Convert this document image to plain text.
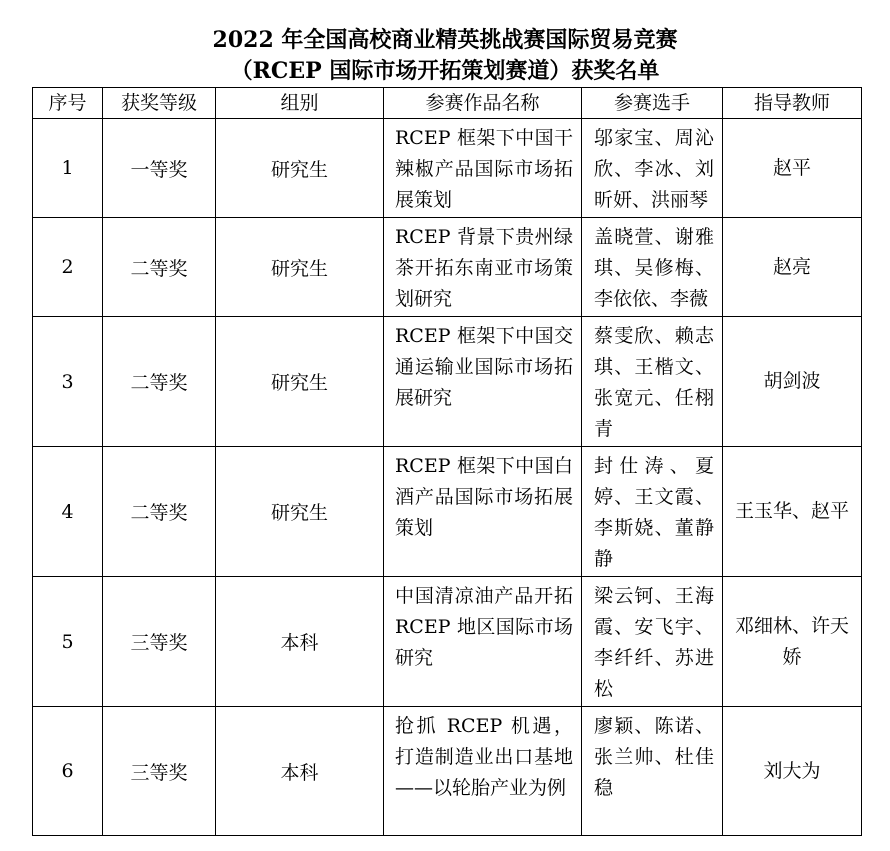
2022 年全国高校商业精英挑战赛国际贸易竞赛
（RCEP 国际市场开拓策划赛道）获奖名单
序号	获奖等级	组别	参赛作品名称	参赛选手	指导教师
1	一等奖	研究生	RCEP 框架下中国干辣椒产品国际市场拓展策划	邬家宝、周沁欣、李冰、刘昕妍、洪丽琴	赵平
2	二等奖	研究生	RCEP 背景下贵州绿茶开拓东南亚市场策划研究	盖晓萱、谢雅琪、吴修梅、李依依、李薇	赵亮
3	二等奖	研究生	RCEP 框架下中国交通运输业国际市场拓展研究	蔡雯欣、赖志琪、王楷文、张宽元、任栩青	胡剑波
4	二等奖	研究生	RCEP 框架下中国白酒产品国际市场拓展策划	封仕涛、夏婷、王文霞、李斯娆、董静静	王玉华、赵平
5	三等奖	本科	中国清凉油产品开拓 RCEP 地区国际市场研究	梁云钶、王海霞、安飞宇、李纤纤、苏进松	邓细林、许天娇
6	三等奖	本科	抢抓 RCEP 机遇，打造制造业出口基地——以轮胎产业为例	廖颖、陈诺、张兰帅、杜佳稳	刘大为
